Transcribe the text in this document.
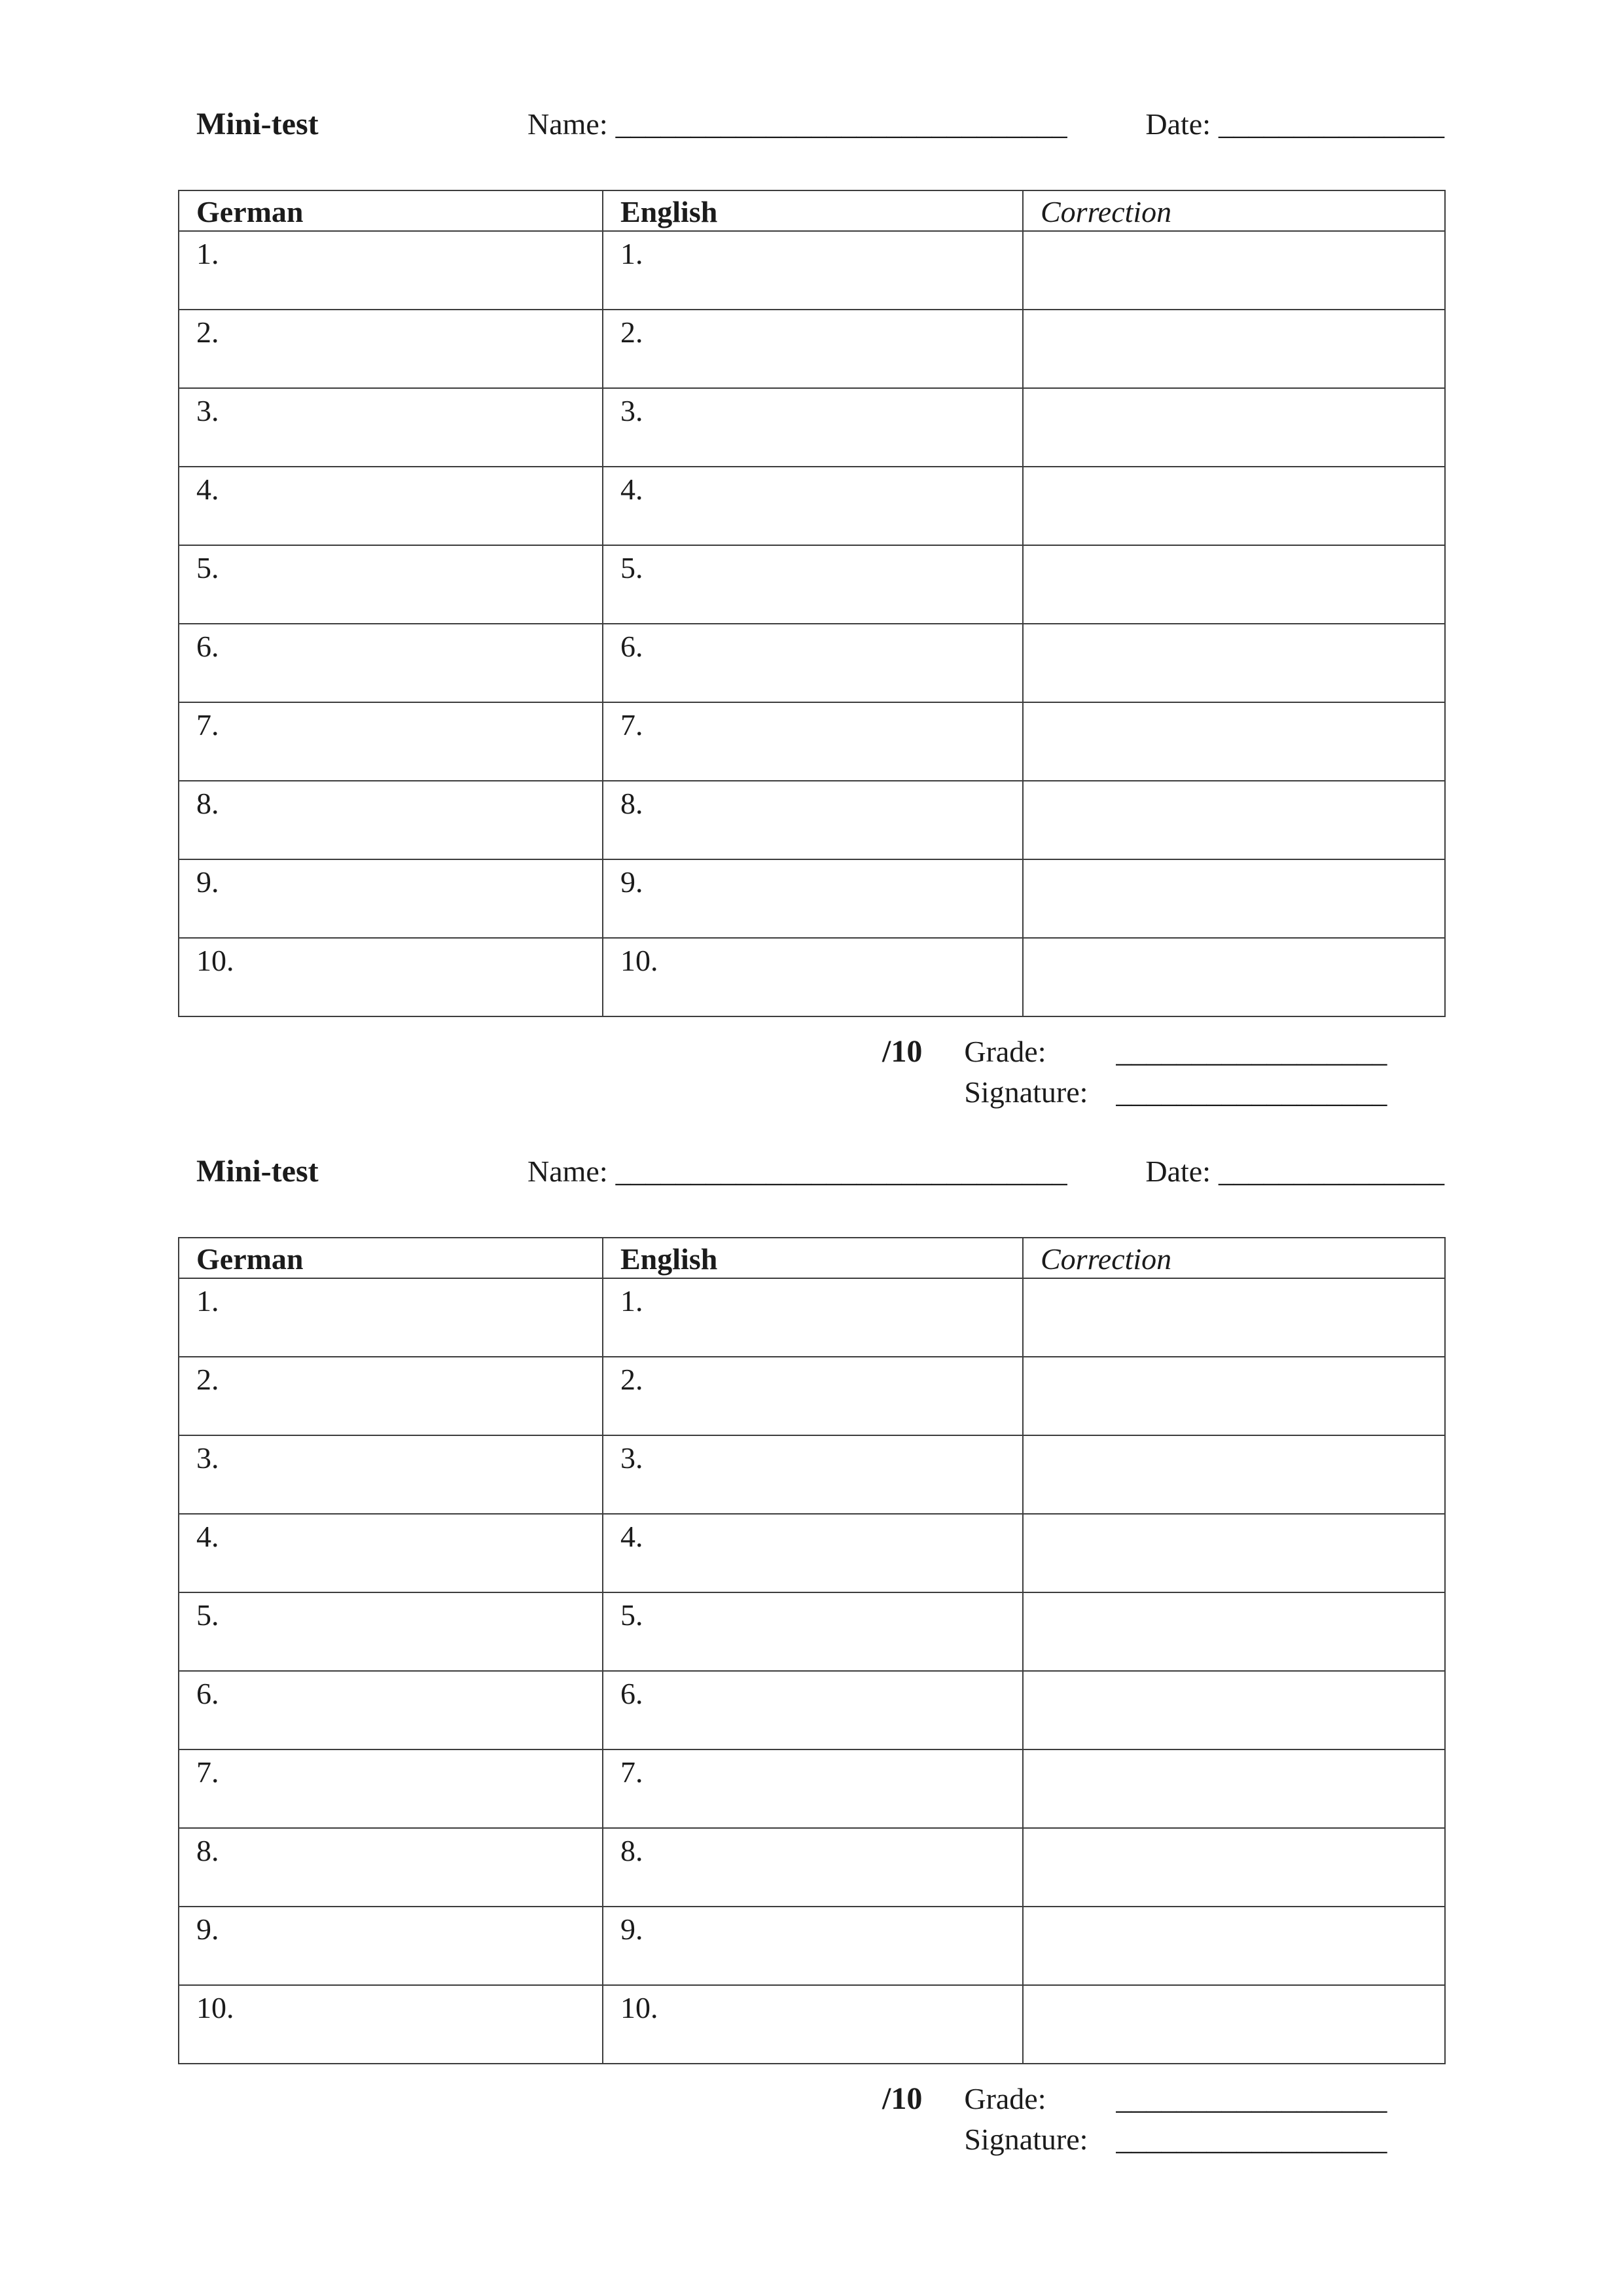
Mini-test	Name: ______________________________	Date: _______________
German	English	Correction
1.	1.	
2.	2.	
3.	3.	
4.	4.	
5.	5.	
6.	6.	
7.	7.	
8.	8.	
9.	9.	
10.	10.	
/10 Grade:	__________________
Signature: __________________
Mini-test	Name: ______________________________	Date: _______________
German	English	Correction
1.	1.	
2.	2.	
3.	3.	
4.	4.	
5.	5.	
6.	6.	
7.	7.	
8.	8.	
9.	9.	
10.	10.	
/10 Grade:	__________________
Signature: __________________
